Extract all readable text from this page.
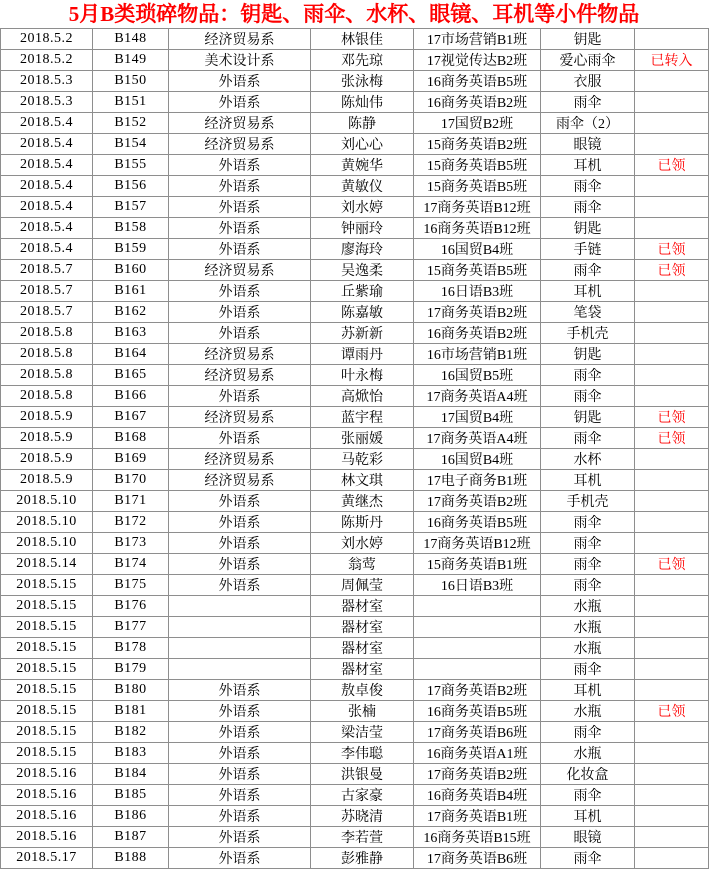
5月B类琐碎物品：钥匙、雨伞、水杯、眼镜、耳机等小件物品
2018.5.2	B148	经济贸易系	林银佳	17市场营销B1班	钥匙	
2018.5.2	B149	美术设计系	邓先琼	17视觉传达B2班	爱心雨伞	已转入
2018.5.3	B150	外语系	张泳梅	16商务英语B5班	衣服	
2018.5.3	B151	外语系	陈灿伟	16商务英语B2班	雨伞	
2018.5.4	B152	经济贸易系	陈静	17国贸B2班	雨伞（2）	
2018.5.4	B154	经济贸易系	刘心心	15商务英语B2班	眼镜	
2018.5.4	B155	外语系	黄婉华	15商务英语B5班	耳机	已领
2018.5.4	B156	外语系	黄敏仪	15商务英语B5班	雨伞	
2018.5.4	B157	外语系	刘水婷	17商务英语B12班	雨伞	
2018.5.4	B158	外语系	钟丽玲	16商务英语B12班	钥匙	
2018.5.4	B159	外语系	廖海玲	16国贸B4班	手链	已领
2018.5.7	B160	经济贸易系	吴逸柔	15商务英语B5班	雨伞	已领
2018.5.7	B161	外语系	丘紫瑜	16日语B3班	耳机	
2018.5.7	B162	外语系	陈嘉敏	17商务英语B2班	笔袋	
2018.5.8	B163	外语系	苏新新	16商务英语B2班	手机壳	
2018.5.8	B164	经济贸易系	谭雨丹	16市场营销B1班	钥匙	
2018.5.8	B165	经济贸易系	叶永梅	16国贸B5班	雨伞	
2018.5.8	B166	外语系	高焮怡	17商务英语A4班	雨伞	
2018.5.9	B167	经济贸易系	蓝宇程	17国贸B4班	钥匙	已领
2018.5.9	B168	外语系	张丽媛	17商务英语A4班	雨伞	已领
2018.5.9	B169	经济贸易系	马乾彩	16国贸B4班	水杯	
2018.5.9	B170	经济贸易系	林文琪	17电子商务B1班	耳机	
2018.5.10	B171	外语系	黄继杰	17商务英语B2班	手机壳	
2018.5.10	B172	外语系	陈斯丹	16商务英语B5班	雨伞	
2018.5.10	B173	外语系	刘水婷	17商务英语B12班	雨伞	
2018.5.14	B174	外语系	翁莺	15商务英语B1班	雨伞	已领
2018.5.15	B175	外语系	周佩莹	16日语B3班	雨伞	
2018.5.15	B176		器材室		水瓶	
2018.5.15	B177		器材室		水瓶	
2018.5.15	B178		器材室		水瓶	
2018.5.15	B179		器材室		雨伞	
2018.5.15	B180	外语系	敖卓俊	17商务英语B2班	耳机	
2018.5.15	B181	外语系	张楠	16商务英语B5班	水瓶	已领
2018.5.15	B182	外语系	梁洁莹	17商务英语B6班	雨伞	
2018.5.15	B183	外语系	李伟聪	16商务英语A1班	水瓶	
2018.5.16	B184	外语系	洪银曼	17商务英语B2班	化妆盒	
2018.5.16	B185	外语系	古家豪	16商务英语B4班	雨伞	
2018.5.16	B186	外语系	苏晓清	17商务英语B1班	耳机	
2018.5.16	B187	外语系	李若萱	16商务英语B15班	眼镜	
2018.5.17	B188	外语系	彭雅静	17商务英语B6班	雨伞	
